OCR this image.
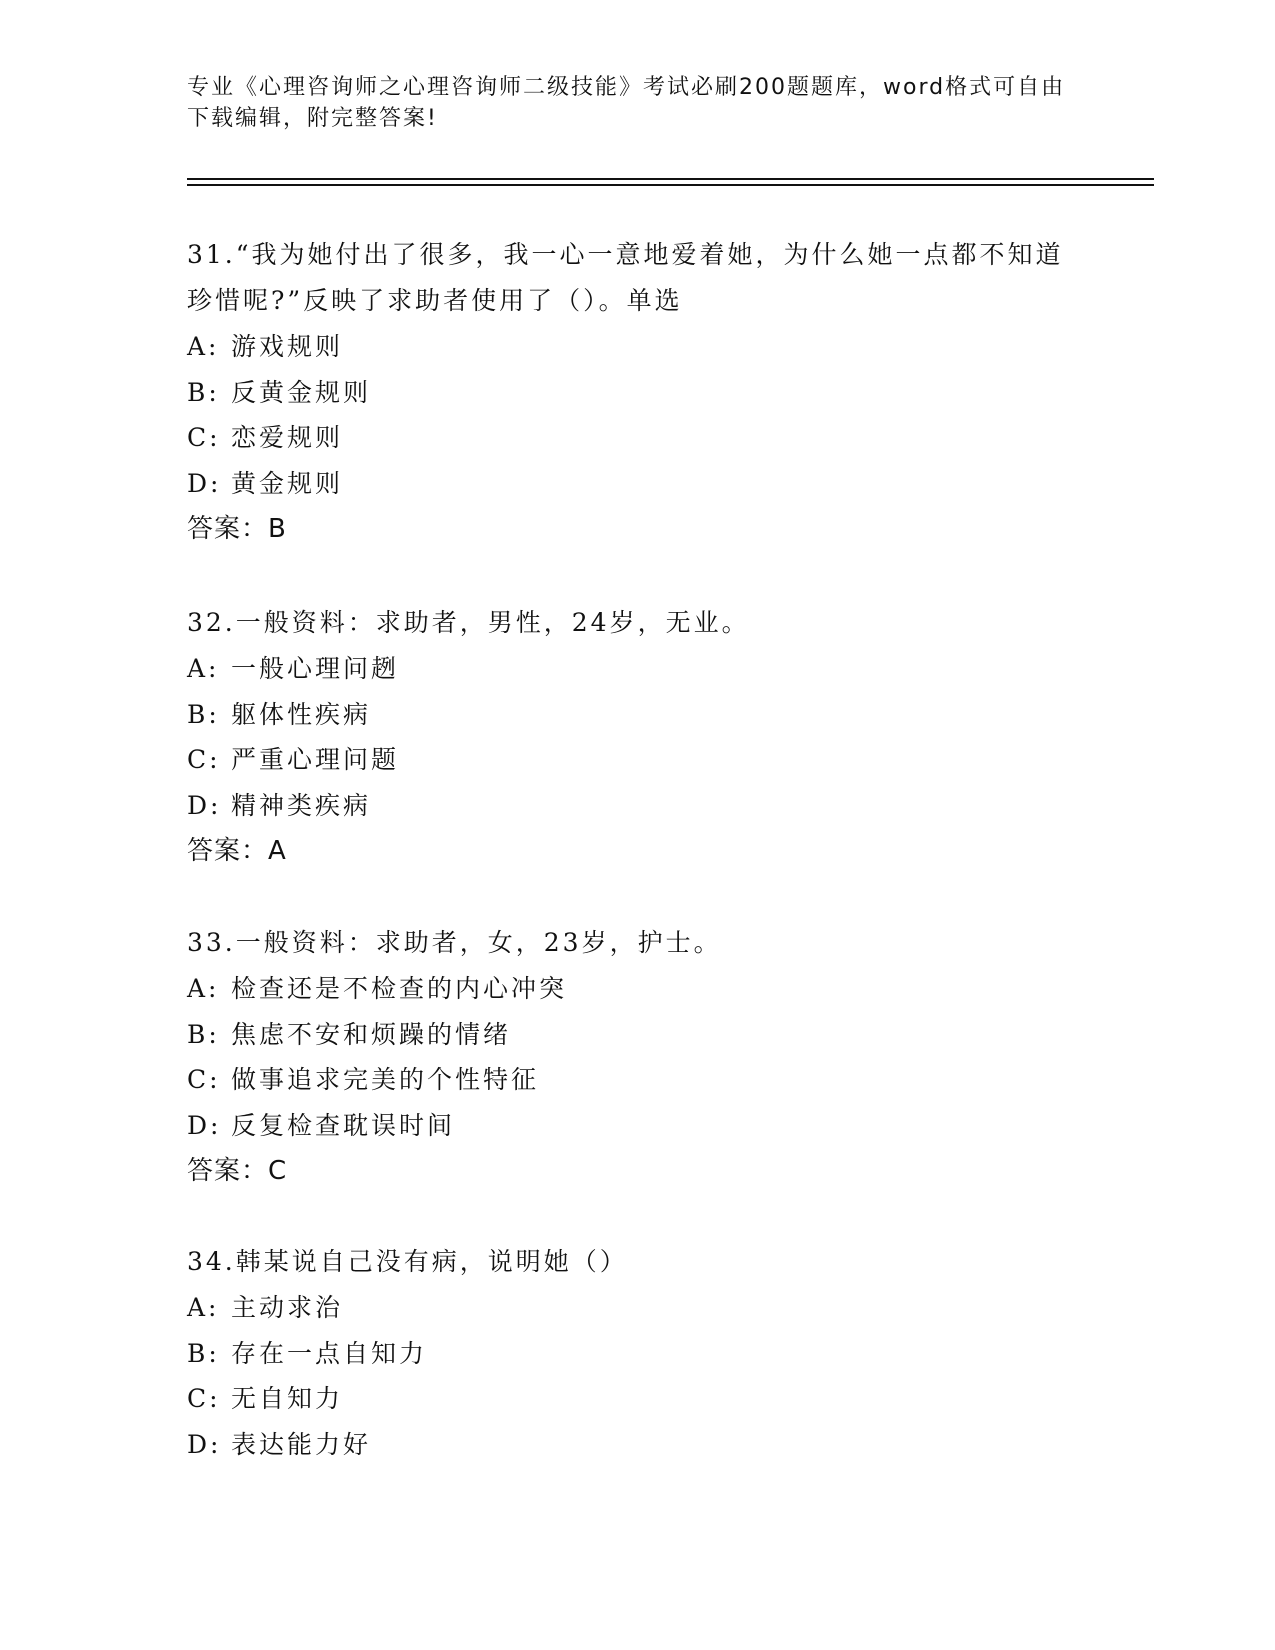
专业《心理咨询师之心理咨询师二级技能》考试必刷200题题库，word格式可自由下载编辑，附完整答案!

31.“我为她付出了很多，我一心一意地爱着她，为什么她一点都不知道珍惜呢?”反映了求助者使用了（）。单选

A: 游戏规则

B: 反黄金规则

C: 恋爱规则

D: 黄金规则

答案：B

32.一般资料：求助者，男性，24岁，无业。

A: 一般心理问趔

B: 躯体性疾病

C: 严重心理问题

D: 精神类疾病

答案：A

33.一般资料：求助者，女，23岁，护士。

A: 检查还是不检查的内心冲突

B: 焦虑不安和烦躁的情绪

C: 做事追求完美的个性特征

D: 反复检查耽误时间

答案：C

34.韩某说自己没有病，说明她（）

A: 主动求治

B: 存在一点自知力

C: 无自知力

D: 表达能力好
